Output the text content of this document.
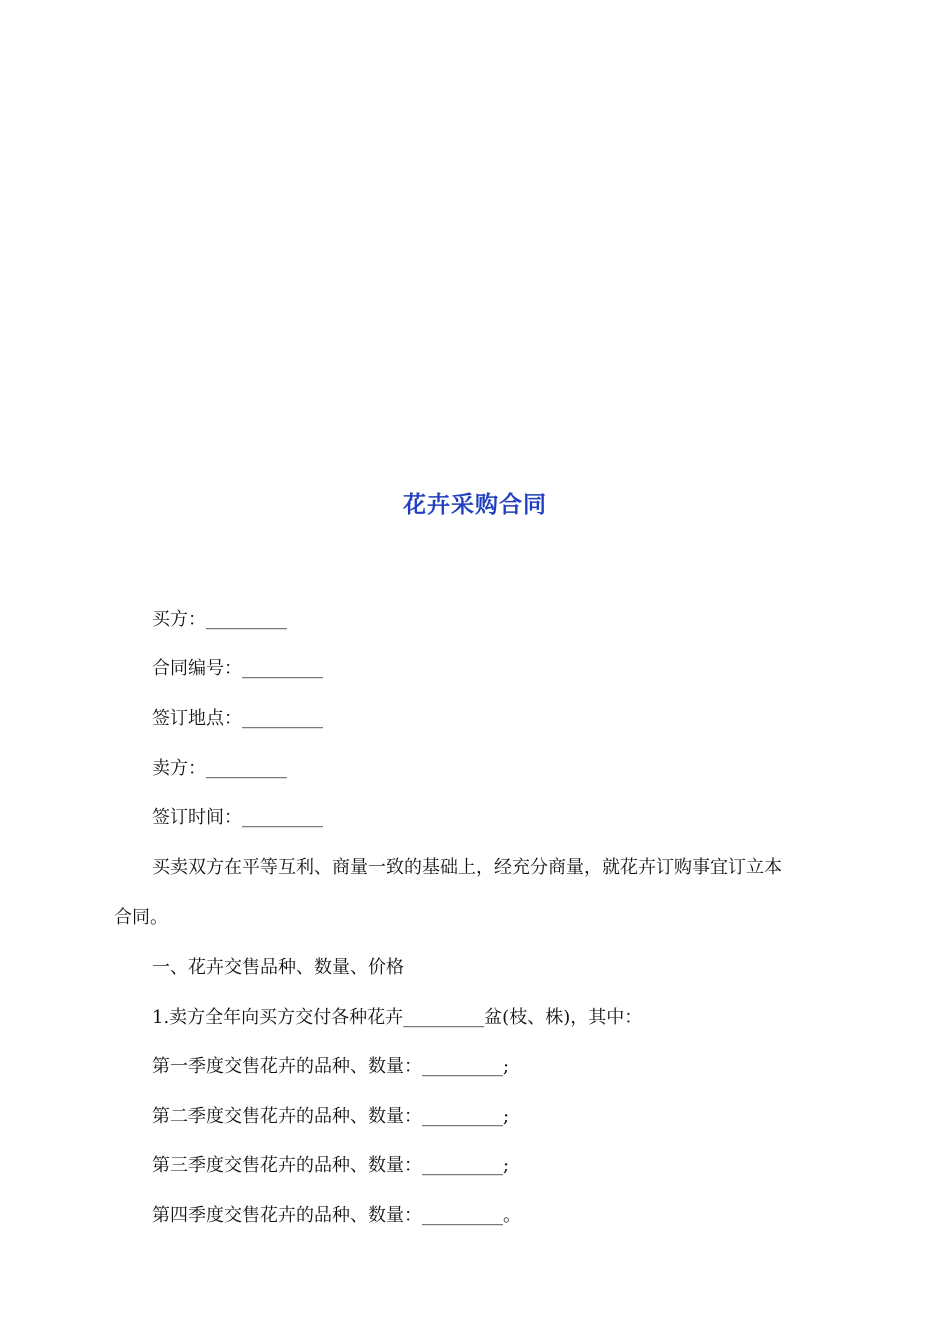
花卉采购合同
买方：_________
合同编号：_________
签订地点：_________
卖方：_________
签订时间：_________
买卖双方在平等互利、商量一致的基础上，经充分商量，就花卉订购事宜订立本
合同。
一、花卉交售品种、数量、价格
1.卖方全年向买方交付各种花卉_________盆(枝、株)，其中：
第一季度交售花卉的品种、数量：_________;
第二季度交售花卉的品种、数量：_________;
第三季度交售花卉的品种、数量：_________;
第四季度交售花卉的品种、数量：_________。
